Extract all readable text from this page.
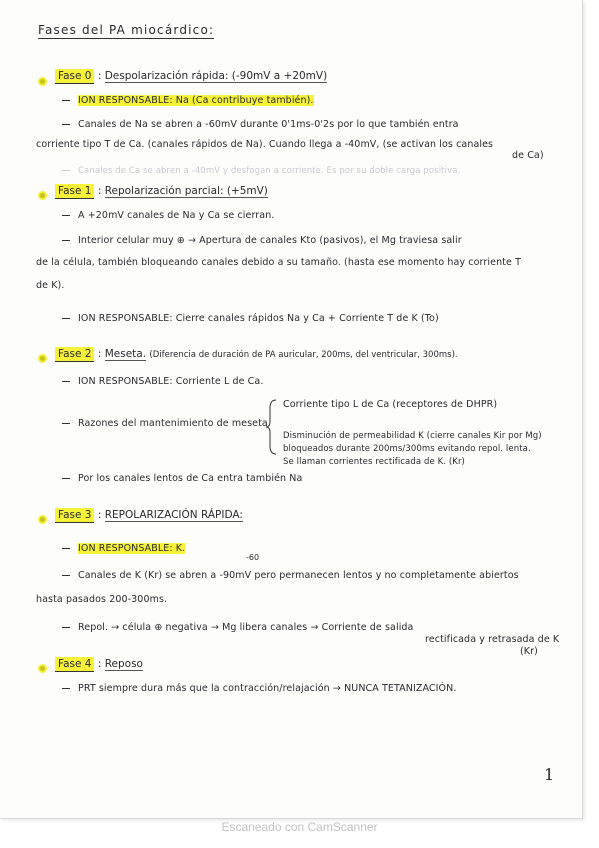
Fases del PA miocárdico:
Fase 0 : Despolarización rápida: (-90mV a +20mV)
ION RESPONSABLE: Na (Ca contribuye también).
Canales de Na se abren a -60mV durante 0'1ms-0'2s por lo que también entra
corriente tipo T de Ca. (canales rápidos de Na). Cuando llega a -40mV, (se activan los canales
de Ca)
Canales de Ca se abren a -40mV y desfogan a corriente. Es por su doble carga positiva.
Fase 1 : Repolarización parcial: (+5mV)
A +20mV canales de Na y Ca se cierran.
Interior celular muy ⊕ → Apertura de canales Kto (pasivos), el Mg traviesa salir
de la célula, también bloqueando canales debido a su tamaño. (hasta ese momento hay corriente T
de K).
ION RESPONSABLE: Cierre canales rápidos Na y Ca + Corriente T de K (To)
Fase 2 : Meseta. (Diferencia de duración de PA auricular, 200ms, del ventricular, 300ms).
ION RESPONSABLE: Corriente L de Ca.
Razones del mantenimiento de meseta
Corriente tipo L de Ca (receptores de DHPR)
Disminución de permeabilidad K (cierre canales Kir por Mg)
bloqueados durante 200ms/300ms evitando repol. lenta.
Se llaman corrientes rectificada de K. (Kr)
Por los canales lentos de Ca entra también Na
Fase 3 : REPOLARIZACIÓN RÁPIDA:
ION RESPONSABLE: K.
-60
Canales de K (Kr) se abren a -90mV pero permanecen lentos y no completamente abiertos
hasta pasados 200-300ms.
Repol. → célula ⊕ negativa → Mg libera canales → Corriente de salida
rectificada y retrasada de K
(Kr)
Fase 4 : Reposo
PRT siempre dura más que la contracción/relajación → NUNCA TETANIZACIÓN.
1
Escaneado con CamScanner
